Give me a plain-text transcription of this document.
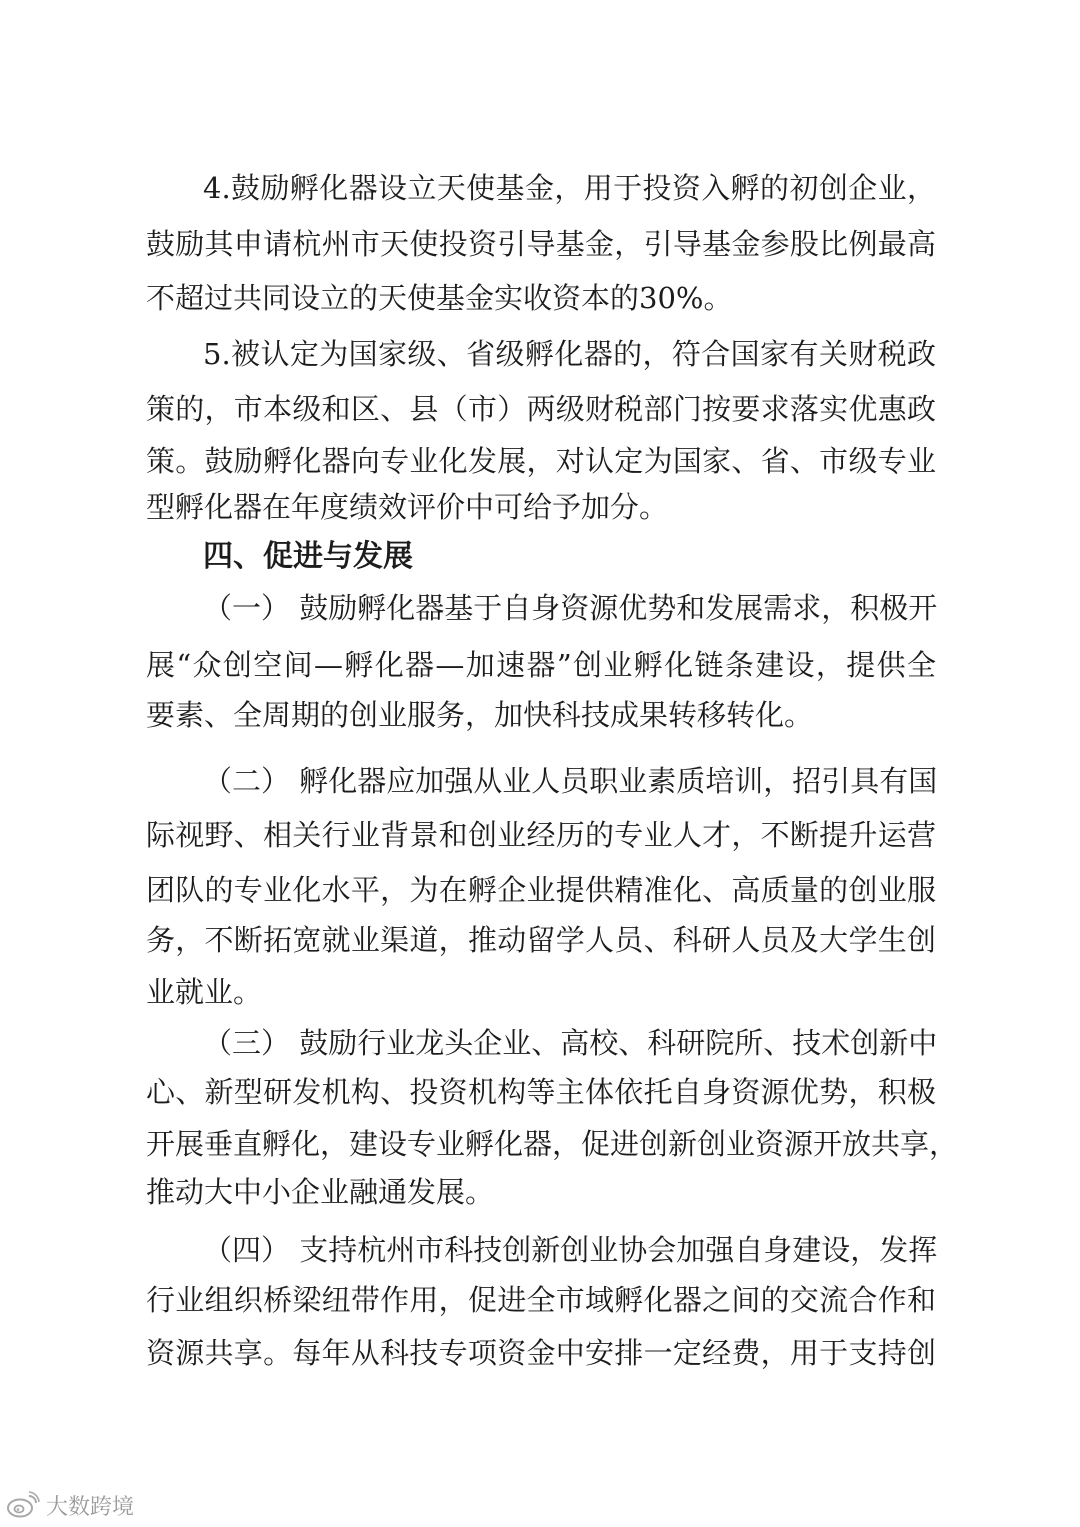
4.鼓励孵化器设立天使基金，用于投资入孵的初创企业，
鼓励其申请杭州市天使投资引导基金，引导基金参股比例最高
不超过共同设立的天使基金实收资本的30%。
5.被认定为国家级、省级孵化器的，符合国家有关财税政
策的，市本级和区、县（市）两级财税部门按要求落实优惠政
策。鼓励孵化器向专业化发展，对认定为国家、省、市级专业
型孵化器在年度绩效评价中可给予加分。
四、促进与发展
（一） 鼓励孵化器基于自身资源优势和发展需求，积极开
展“众创空间—孵化器—加速器”创业孵化链条建设，提供全
要素、全周期的创业服务，加快科技成果转移转化。
（二） 孵化器应加强从业人员职业素质培训，招引具有国
际视野、相关行业背景和创业经历的专业人才，不断提升运营
团队的专业化水平，为在孵企业提供精准化、高质量的创业服
务，不断拓宽就业渠道，推动留学人员、科研人员及大学生创
业就业。
（三） 鼓励行业龙头企业、高校、科研院所、技术创新中
心、新型研发机构、投资机构等主体依托自身资源优势，积极
开展垂直孵化，建设专业孵化器，促进创新创业资源开放共享，
推动大中小企业融通发展。
（四） 支持杭州市科技创新创业协会加强自身建设，发挥
行业组织桥梁纽带作用，促进全市域孵化器之间的交流合作和
资源共享。每年从科技专项资金中安排一定经费，用于支持创
大数跨境
